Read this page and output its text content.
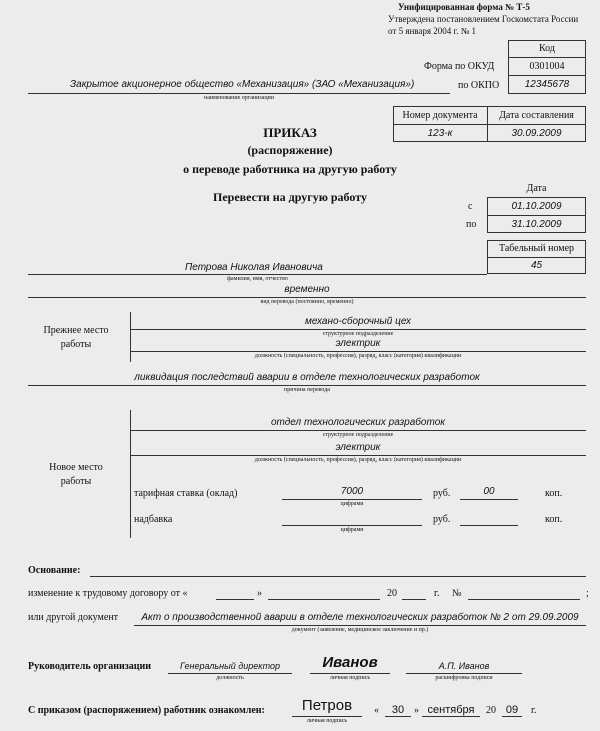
Унифицированная форма № Т-5
Утверждена постановлением Госкомстата России
от 5 января 2004 г. № 1
Код
Форма по ОКУД	0301004
по ОКПО	12345678
Закрытое акционерное общество «Механизация» (ЗАО «Механизация»)
наименование организации
Номер документа	Дата составления
123-к	30.09.2009
ПРИКАЗ
(распоряжение)
о переводе работника на другую работу
Перевести на другую работу
Дата
с	01.10.2009
по	31.10.2009
Табельный номер
45
Петрова Николая Ивановича
фамилия, имя, отчество
временно
вид перевода (постоянно, временно)
Прежнее место
работы
механо-сборочный цех
структурное подразделение
электрик
должность (специальность, профессия), разряд, класс (категория) квалификации
ликвидация последствий аварии в отделе технологических разработок
причина перевода
Новое место
работы
отдел технологических разработок
структурное подразделение
электрик
должность (специальность, профессия), разряд, класс (категория) квалификации
тарифная ставка (оклад)	7000
цифрами
руб.	00	коп.
надбавка
цифрами
руб.	коп.
Основание:
изменение к трудовому договору от «	»	20	г. №	;
или другой документ	Акт о производственной аварии в отделе технологических разработок № 2 от 29.09.2009
документ (заявление, медицинское заключение и пр.)
Руководитель организации	Генеральный директор
должность
Иванов
личная подпись
А.П. Иванов
расшифровка подписи
С приказом (распоряжением) работник ознакомлен:	Петров
личная подпись
«	30 » сентября	20 09	г.
